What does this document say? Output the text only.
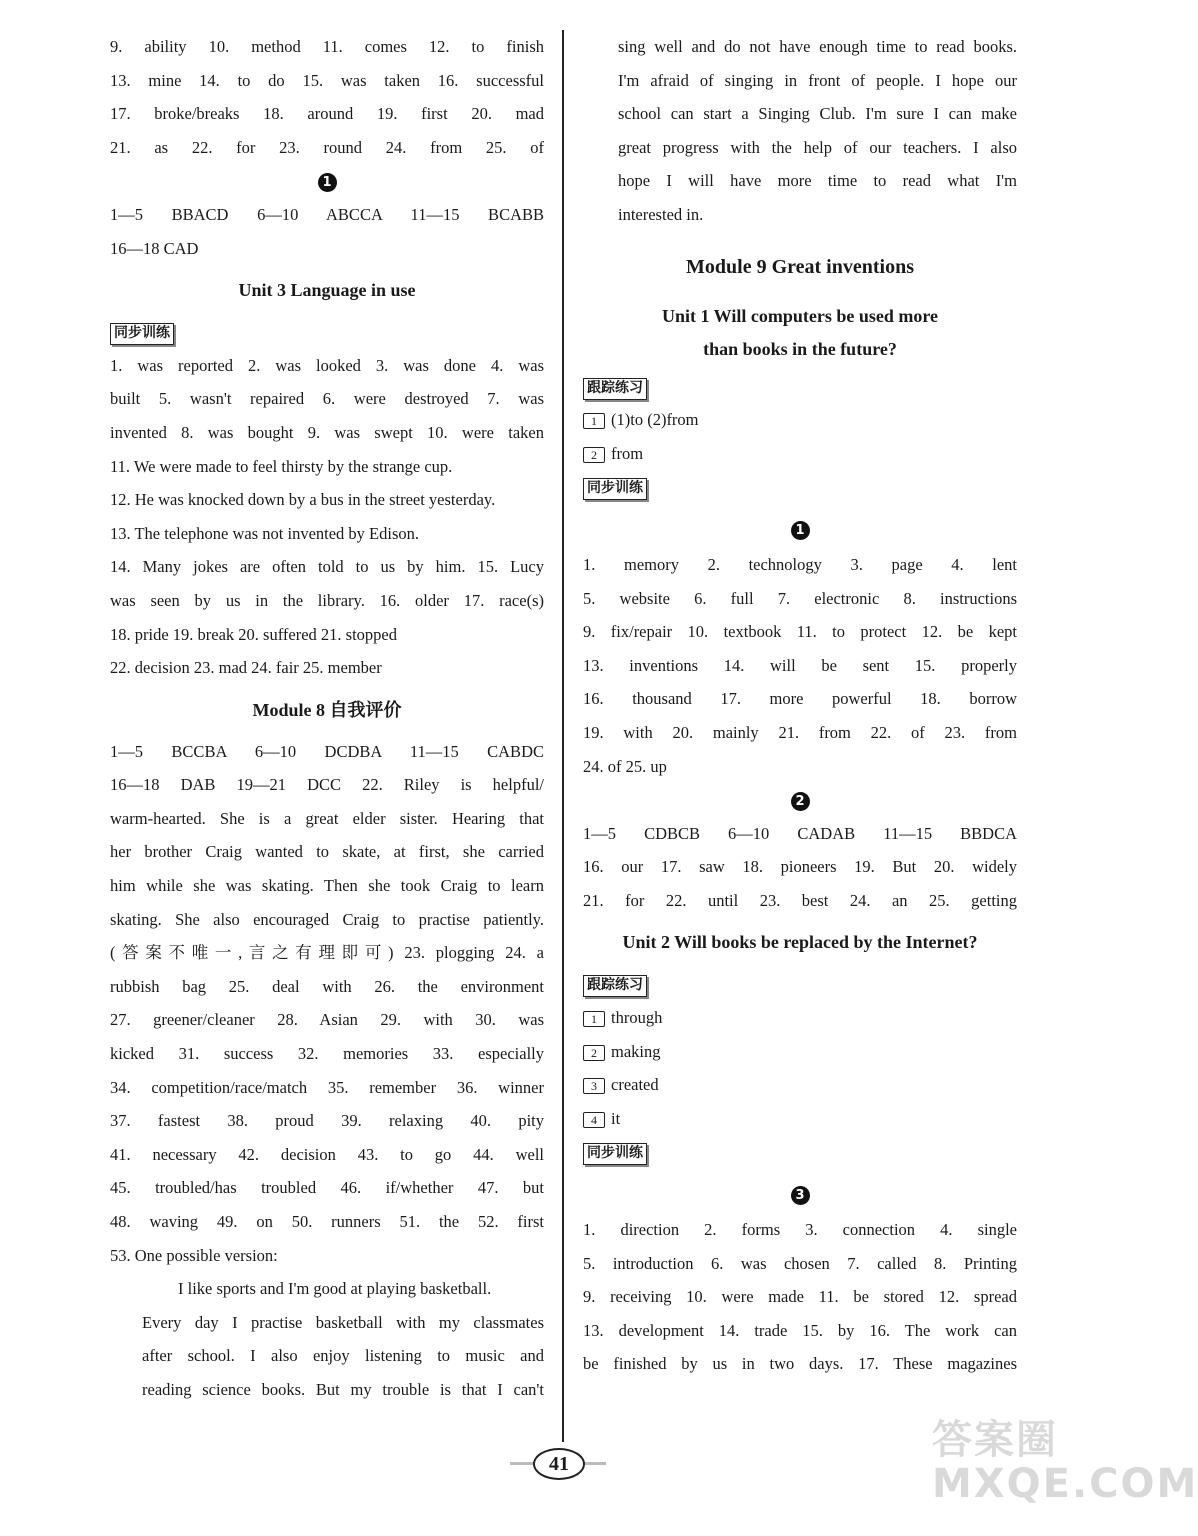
9. ability 10. method 11. comes 12. to finish
13. mine 14. to do 15. was taken 16. successful
17. broke/breaks 18. around 19. first 20. mad
21. as 22. for 23. round 24. from 25. of
1
1—5 BBACD 6—10 ABCCA 11—15 BCABB
16—18 CAD
Unit 3 Language in use
同步训练
1. was reported 2. was looked 3. was done 4. was
built 5. wasn't repaired 6. were destroyed 7. was
invented 8. was bought 9. was swept 10. were taken
11. We were made to feel thirsty by the strange cup.
12. He was knocked down by a bus in the street yesterday.
13. The telephone was not invented by Edison.
14. Many jokes are often told to us by him. 15. Lucy
was seen by us in the library. 16. older 17. race(s)
18. pride 19. break 20. suffered 21. stopped
22. decision 23. mad 24. fair 25. member
Module 8 自我评价
1—5 BCCBA 6—10 DCDBA 11—15 CABDC
16—18 DAB 19—21 DCC 22. Riley is helpful/
warm-hearted. She is a great elder sister. Hearing that
her brother Craig wanted to skate, at first, she carried
him while she was skating. Then she took Craig to learn
skating. She also encouraged Craig to practise patiently.
(答案不唯一,言之有理即可) 23. plogging 24. a
rubbish bag 25. deal with 26. the environment
27. greener/cleaner 28. Asian 29. with 30. was
kicked 31. success 32. memories 33. especially
34. competition/race/match 35. remember 36. winner
37. fastest 38. proud 39. relaxing 40. pity
41. necessary 42. decision 43. to go 44. well
45. troubled/has troubled 46. if/whether 47. but
48. waving 49. on 50. runners 51. the 52. first
53. One possible version:
I like sports and I'm good at playing basketball.
Every day I practise basketball with my classmates
after school. I also enjoy listening to music and
reading science books. But my trouble is that I can't
sing well and do not have enough time to read books.
I'm afraid of singing in front of people. I hope our
school can start a Singing Club. I'm sure I can make
great progress with the help of our teachers. I also
hope I will have more time to read what I'm
interested in.
Module 9 Great inventions
Unit 1 Will computers be used more
than books in the future?
跟踪练习
1 (1)to (2)from
2 from
同步训练
1
1. memory 2. technology 3. page 4. lent
5. website 6. full 7. electronic 8. instructions
9. fix/repair 10. textbook 11. to protect 12. be kept
13. inventions 14. will be sent 15. properly
16. thousand 17. more powerful 18. borrow
19. with 20. mainly 21. from 22. of 23. from
24. of 25. up
2
1—5 CDBCB 6—10 CADAB 11—15 BBDCA
16. our 17. saw 18. pioneers 19. But 20. widely
21. for 22. until 23. best 24. an 25. getting
Unit 2 Will books be replaced by the Internet?
跟踪练习
1 through
2 making
3 created
4 it
同步训练
3
1. direction 2. forms 3. connection 4. single
5. introduction 6. was chosen 7. called 8. Printing
9. receiving 10. were made 11. be stored 12. spread
13. development 14. trade 15. by 16. The work can
be finished by us in two days. 17. These magazines
41
答案圈
MXQE.COM
